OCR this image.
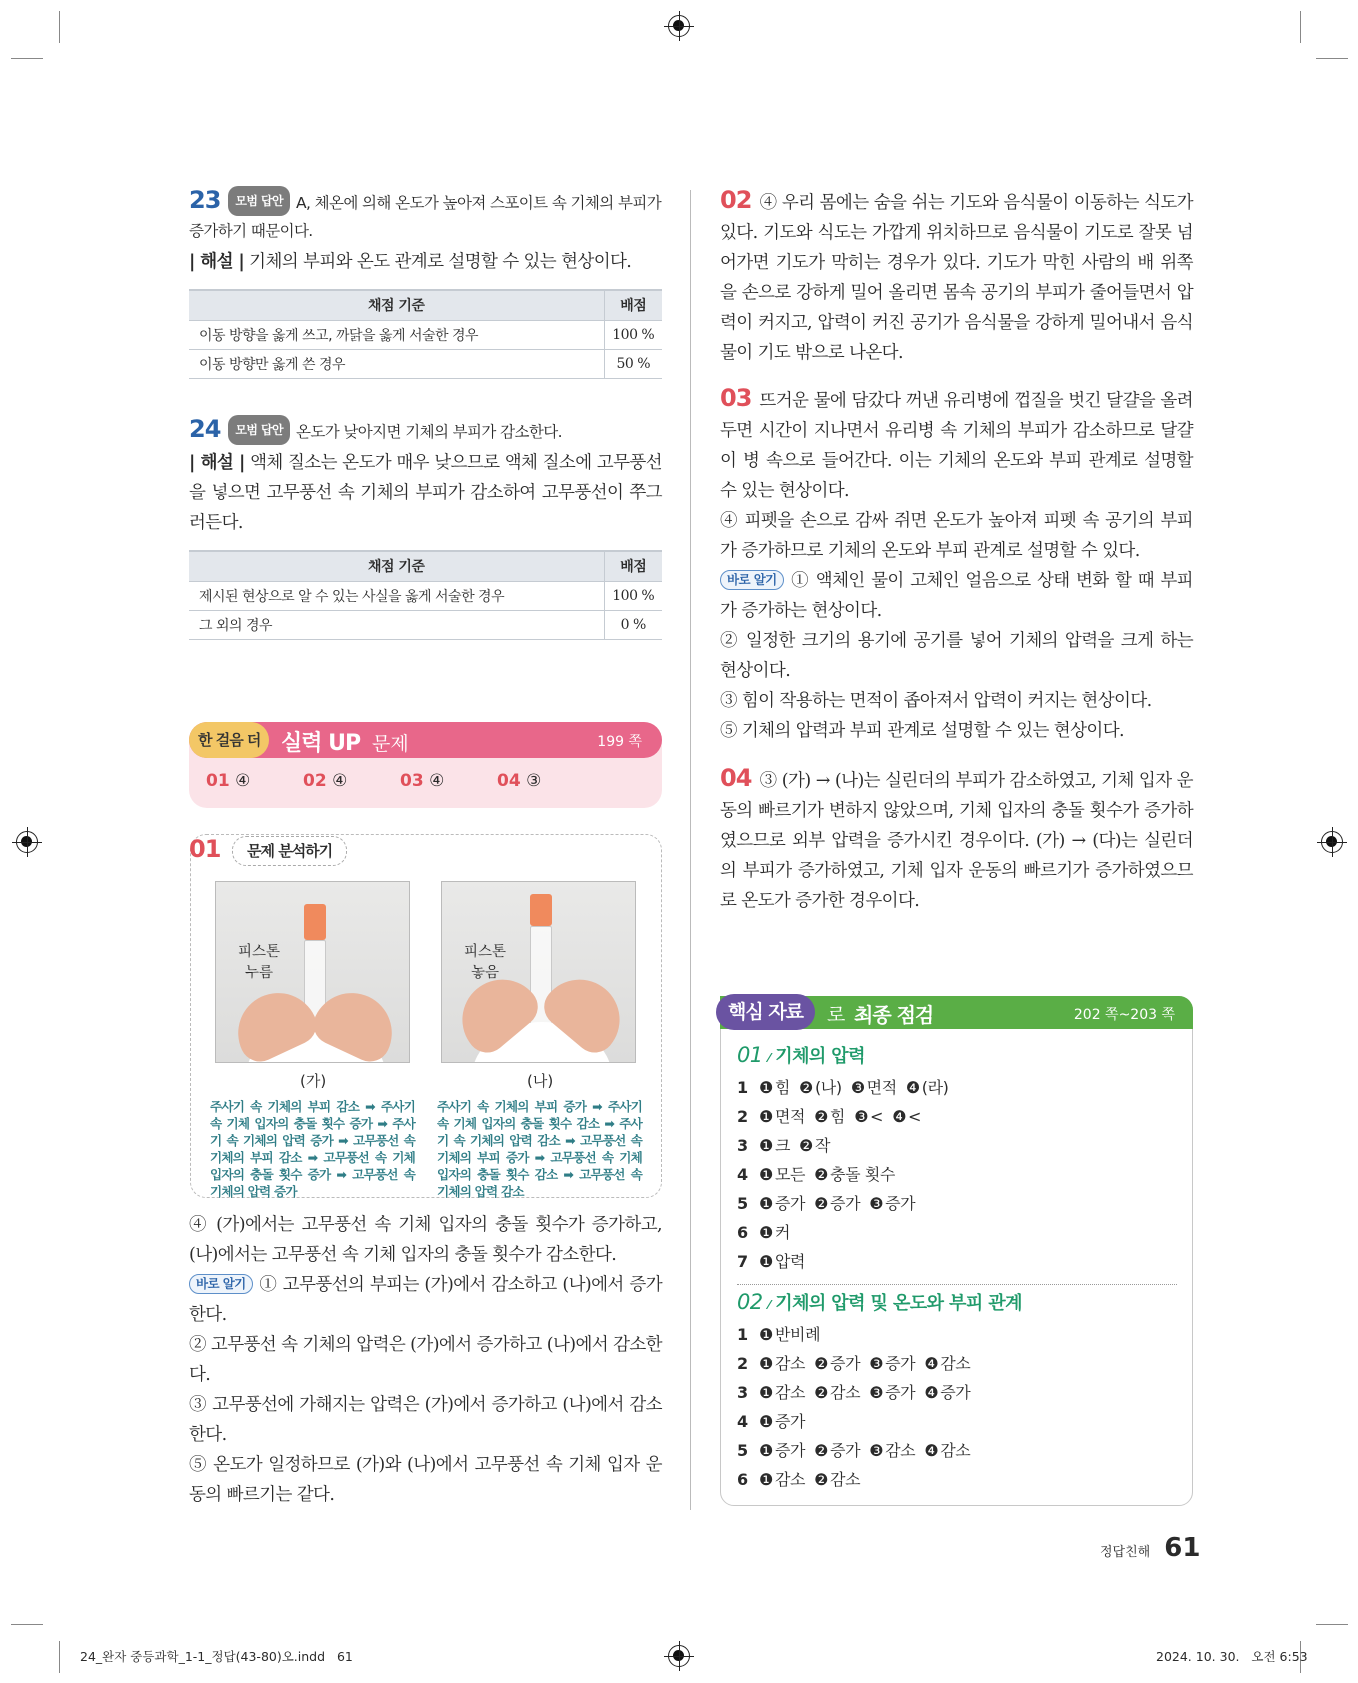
23 모범 답안 A, 체온에 의해 온도가 높아져 스포이트 속 기체의 부피가 증가하기 때문이다.
| 해설 | 기체의 부피와 온도 관계로 설명할 수 있는 현상이다.
채점 기준	배점
이동 방향을 옳게 쓰고, 까닭을 옳게 서술한 경우	100 %
이동 방향만 옳게 쓴 경우	50 %
24 모범 답안 온도가 낮아지면 기체의 부피가 감소한다.
| 해설 | 액체 질소는 온도가 매우 낮으므로 액체 질소에 고무풍선을 넣으면 고무풍선 속 기체의 부피가 감소하여 고무풍선이 쭈그러든다.
채점 기준	배점
제시된 현상으로 알 수 있는 사실을 옳게 서술한 경우	100 %
그 외의 경우	0 %
한 걸음 더 실력 UP 문제	199 쪽
01 ④	02 ④	03 ④	04 ③
01	문제 분석하기
피스톤
누름
피스톤
놓음
(가)	(나)
주사기 속 기체의 부피 감소 ➡ 주사기 속 기체 입자의 충돌 횟수 증가 ➡ 주사기 속 기체의 압력 증가 ➡ 고무풍선 속 기체의 부피 감소 ➡ 고무풍선 속 기체 입자의 충돌 횟수 증가 ➡ 고무풍선 속 기체의 압력 증가
주사기 속 기체의 부피 증가 ➡ 주사기 속 기체 입자의 충돌 횟수 감소 ➡ 주사기 속 기체의 압력 감소 ➡ 고무풍선 속 기체의 부피 증가 ➡ 고무풍선 속 기체 입자의 충돌 횟수 감소 ➡ 고무풍선 속 기체의 압력 감소
④ (가)에서는 고무풍선 속 기체 입자의 충돌 횟수가 증가하고, (나)에서는 고무풍선 속 기체 입자의 충돌 횟수가 감소한다.
바로 알기 ① 고무풍선의 부피는 (가)에서 감소하고 (나)에서 증가한다.
② 고무풍선 속 기체의 압력은 (가)에서 증가하고 (나)에서 감소한다.
③ 고무풍선에 가해지는 압력은 (가)에서 증가하고 (나)에서 감소한다.
⑤ 온도가 일정하므로 (가)와 (나)에서 고무풍선 속 기체 입자 운동의 빠르기는 같다.
02 ④ 우리 몸에는 숨을 쉬는 기도와 음식물이 이동하는 식도가 있다. 기도와 식도는 가깝게 위치하므로 음식물이 기도로 잘못 넘어가면 기도가 막히는 경우가 있다. 기도가 막힌 사람의 배 위쪽을 손으로 강하게 밀어 올리면 몸속 공기의 부피가 줄어들면서 압력이 커지고, 압력이 커진 공기가 음식물을 강하게 밀어내서 음식물이 기도 밖으로 나온다.
03 뜨거운 물에 담갔다 꺼낸 유리병에 껍질을 벗긴 달걀을 올려두면 시간이 지나면서 유리병 속 기체의 부피가 감소하므로 달걀이 병 속으로 들어간다. 이는 기체의 온도와 부피 관계로 설명할 수 있는 현상이다.
④ 피펫을 손으로 감싸 쥐면 온도가 높아져 피펫 속 공기의 부피가 증가하므로 기체의 온도와 부피 관계로 설명할 수 있다.
바로 알기 ① 액체인 물이 고체인 얼음으로 상태 변화 할 때 부피가 증가하는 현상이다.
② 일정한 크기의 용기에 공기를 넣어 기체의 압력을 크게 하는 현상이다.
③ 힘이 작용하는 면적이 좁아져서 압력이 커지는 현상이다.
⑤ 기체의 압력과 부피 관계로 설명할 수 있는 현상이다.
04 ③ (가) → (나)는 실린더의 부피가 감소하였고, 기체 입자 운동의 빠르기가 변하지 않았으며, 기체 입자의 충돌 횟수가 증가하였으므로 외부 압력을 증가시킨 경우이다. (가) → (다)는 실린더의 부피가 증가하였고, 기체 입자 운동의 빠르기가 증가하였으므로 온도가 증가한 경우이다.
핵심 자료	로 최종 점검	202 쪽~203 쪽
01 ⁄ 기체의 압력
1 ❶ 힘 ❷ (나) ❸ 면적 ❹ (라)
2 ❶ 면적 ❷ 힘 ❸ < ❹ <
3 ❶ 크 ❷ 작
4 ❶ 모든 ❷ 충돌 횟수
5 ❶ 증가 ❷ 증가 ❸ 증가
6 ❶ 커
7 ❶ 압력
02 ⁄ 기체의 압력 및 온도와 부피 관계
1 ❶ 반비례
2 ❶ 감소 ❷ 증가 ❸ 증가 ❹ 감소
3 ❶ 감소 ❷ 감소 ❸ 증가 ❹ 증가
4 ❶ 증가
5 ❶ 증가 ❷ 증가 ❸ 감소 ❹ 감소
6 ❶ 감소 ❷ 감소
정답친해 61
24_완자 중등과학_1-1_정답(43-80)오.indd   61	2024. 10. 30.   오전 6:53
